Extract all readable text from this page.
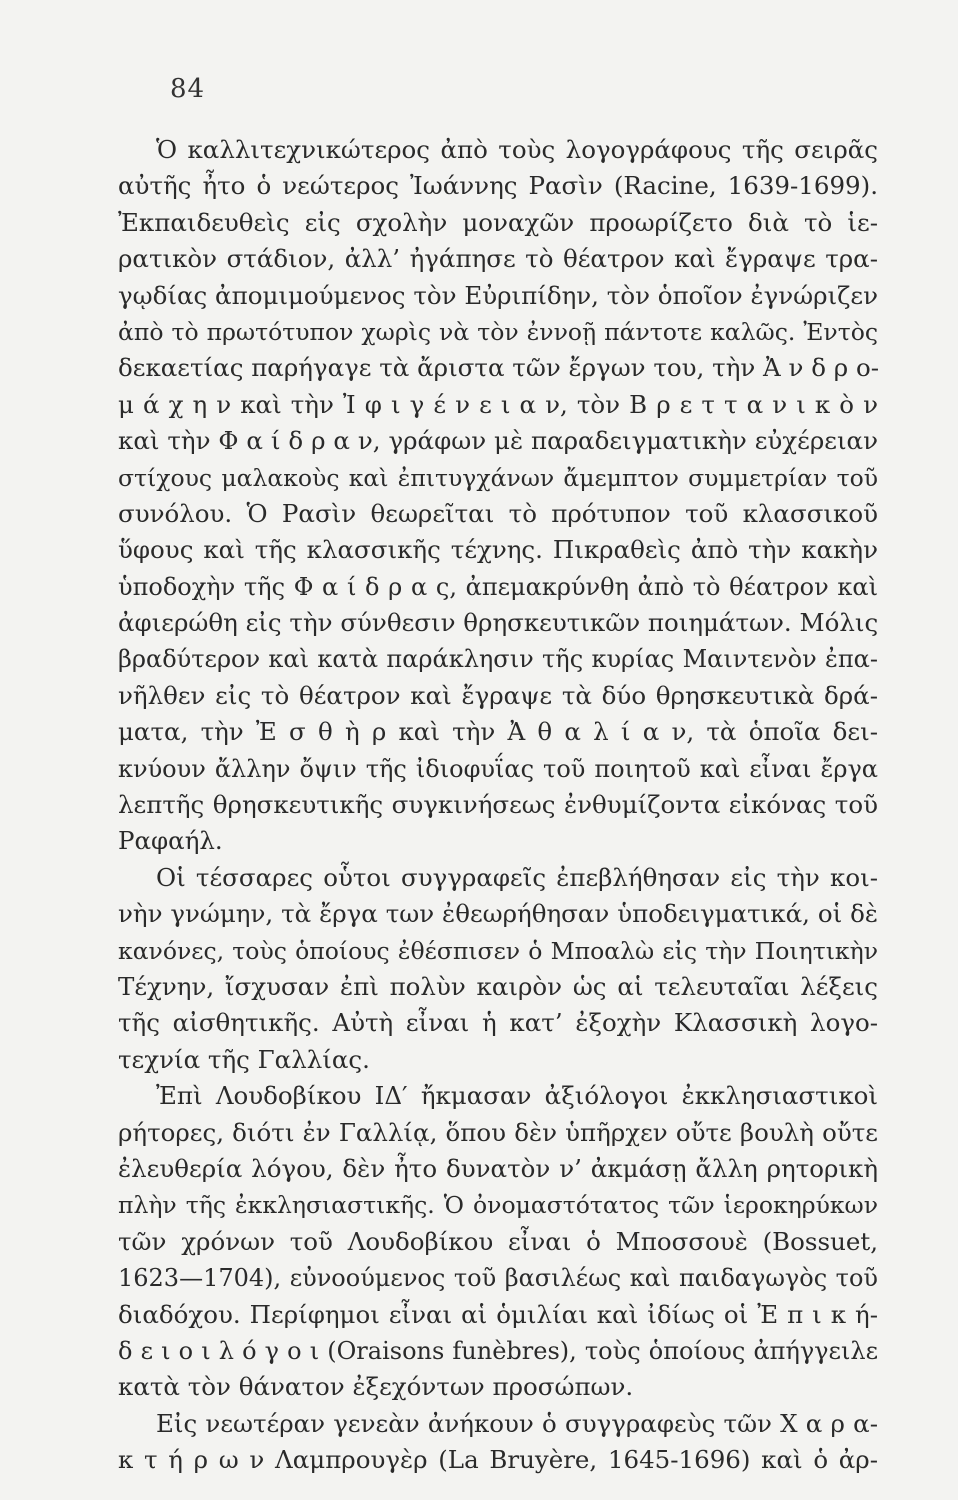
84
Ὁ καλλιτεχνικώτερος ἀπὸ τοὺς λογογράφους τῆς σειρᾶς
αὐτῆς ἦτο ὁ νεώτερος Ἰωάννης Ρασὶν (Racine, 1639-1699).
Ἐκπαιδευθεὶς εἰς σχολὴν μοναχῶν προωρίζετο διὰ τὸ ἱε-
ρατικὸν στάδιον, ἀλλ’ ἠγάπησε τὸ θέατρον καὶ ἔγραψε τρα-
γῳδίας ἀπομιμούμενος τὸν Εὐριπίδην, τὸν ὁποῖον ἐγνώριζεν
ἀπὸ τὸ πρωτότυπον χωρὶς νὰ τὸν ἐννοῇ πάντοτε καλῶς. Ἐντὸς
δεκαετίας παρήγαγε τὰ ἄριστα τῶν ἔργων του, τὴν Ἀ ν δ ρ ο-
μ ά χ η ν καὶ τὴν Ἰ φ ι γ έ ν ε ι α ν, τὸν Β ρ ε τ τ α ν ι κ ὸ ν
καὶ τὴν Φ α ί δ ρ α ν, γράφων μὲ παραδειγματικὴν εὐχέρειαν
στίχους μαλακοὺς καὶ ἐπιτυγχάνων ἄμεμπτον συμμετρίαν τοῦ
συνόλου. Ὁ Ρασὶν θεωρεῖται τὸ πρότυπον τοῦ κλασσικοῦ
ὕφους καὶ τῆς κλασσικῆς τέχνης. Πικραθεὶς ἀπὸ τὴν κακὴν
ὑποδοχὴν τῆς Φ α ί δ ρ α ς, ἀπεμακρύνθη ἀπὸ τὸ θέατρον καὶ
ἀφιερώθη εἰς τὴν σύνθεσιν θρησκευτικῶν ποιημάτων. Μόλις
βραδύτερον καὶ κατὰ παράκλησιν τῆς κυρίας Μαιντενὸν ἐπα-
νῆλθεν εἰς τὸ θέατρον καὶ ἔγραψε τὰ δύο θρησκευτικὰ δρά-
ματα, τὴν Ἐ σ θ ὴ ρ καὶ τὴν Ἀ θ α λ ί α ν, τὰ ὁποῖα δει-
κνύουν ἄλλην ὄψιν τῆς ἰδιοφυΐας τοῦ ποιητοῦ καὶ εἶναι ἔργα
λεπτῆς θρησκευτικῆς συγκινήσεως ἐνθυμίζοντα εἰκόνας τοῦ
Ραφαήλ.
Οἱ τέσσαρες οὗτοι συγγραφεῖς ἐπεβλήθησαν εἰς τὴν κοι-
νὴν γνώμην, τὰ ἔργα των ἐθεωρήθησαν ὑποδειγματικά, οἱ δὲ
κανόνες, τοὺς ὁποίους ἐθέσπισεν ὁ Μποαλὼ εἰς τὴν Ποιητικὴν
Τέχνην, ἴσχυσαν ἐπὶ πολὺν καιρὸν ὡς αἱ τελευταῖαι λέξεις
τῆς αἰσθητικῆς. Αὐτὴ εἶναι ἡ κατ’ ἐξοχὴν Κλασσικὴ λογο-
τεχνία τῆς Γαλλίας.
Ἐπὶ Λουδοβίκου ΙΔ′ ἤκμασαν ἀξιόλογοι ἐκκλησιαστικοὶ
ρήτορες, διότι ἐν Γαλλίᾳ, ὅπου δὲν ὑπῆρχεν οὔτε βουλὴ οὔτε
ἐλευθερία λόγου, δὲν ἦτο δυνατὸν ν’ ἀκμάσῃ ἄλλη ρητορικὴ
πλὴν τῆς ἐκκλησιαστικῆς. Ὁ ὀνομαστότατος τῶν ἱεροκηρύκων
τῶν χρόνων τοῦ Λουδοβίκου εἶναι ὁ Μποσσουὲ (Bossuet,
1623—1704), εὐνοούμενος τοῦ βασιλέως καὶ παιδαγωγὸς τοῦ
διαδόχου. Περίφημοι εἶναι αἱ ὁμιλίαι καὶ ἰδίως οἱ Ἐ π ι κ ή-
δ ε ι ο ι λ ό γ ο ι (Oraisons funèbres), τοὺς ὁποίους ἀπήγγειλε
κατὰ τὸν θάνατον ἐξεχόντων προσώπων.
Εἰς νεωτέραν γενεὰν ἀνήκουν ὁ συγγραφεὺς τῶν Χ α ρ α-
κ τ ή ρ ω ν Λαμπρουγὲρ (La Bruyère, 1645-1696) καὶ ὁ ἀρ-
